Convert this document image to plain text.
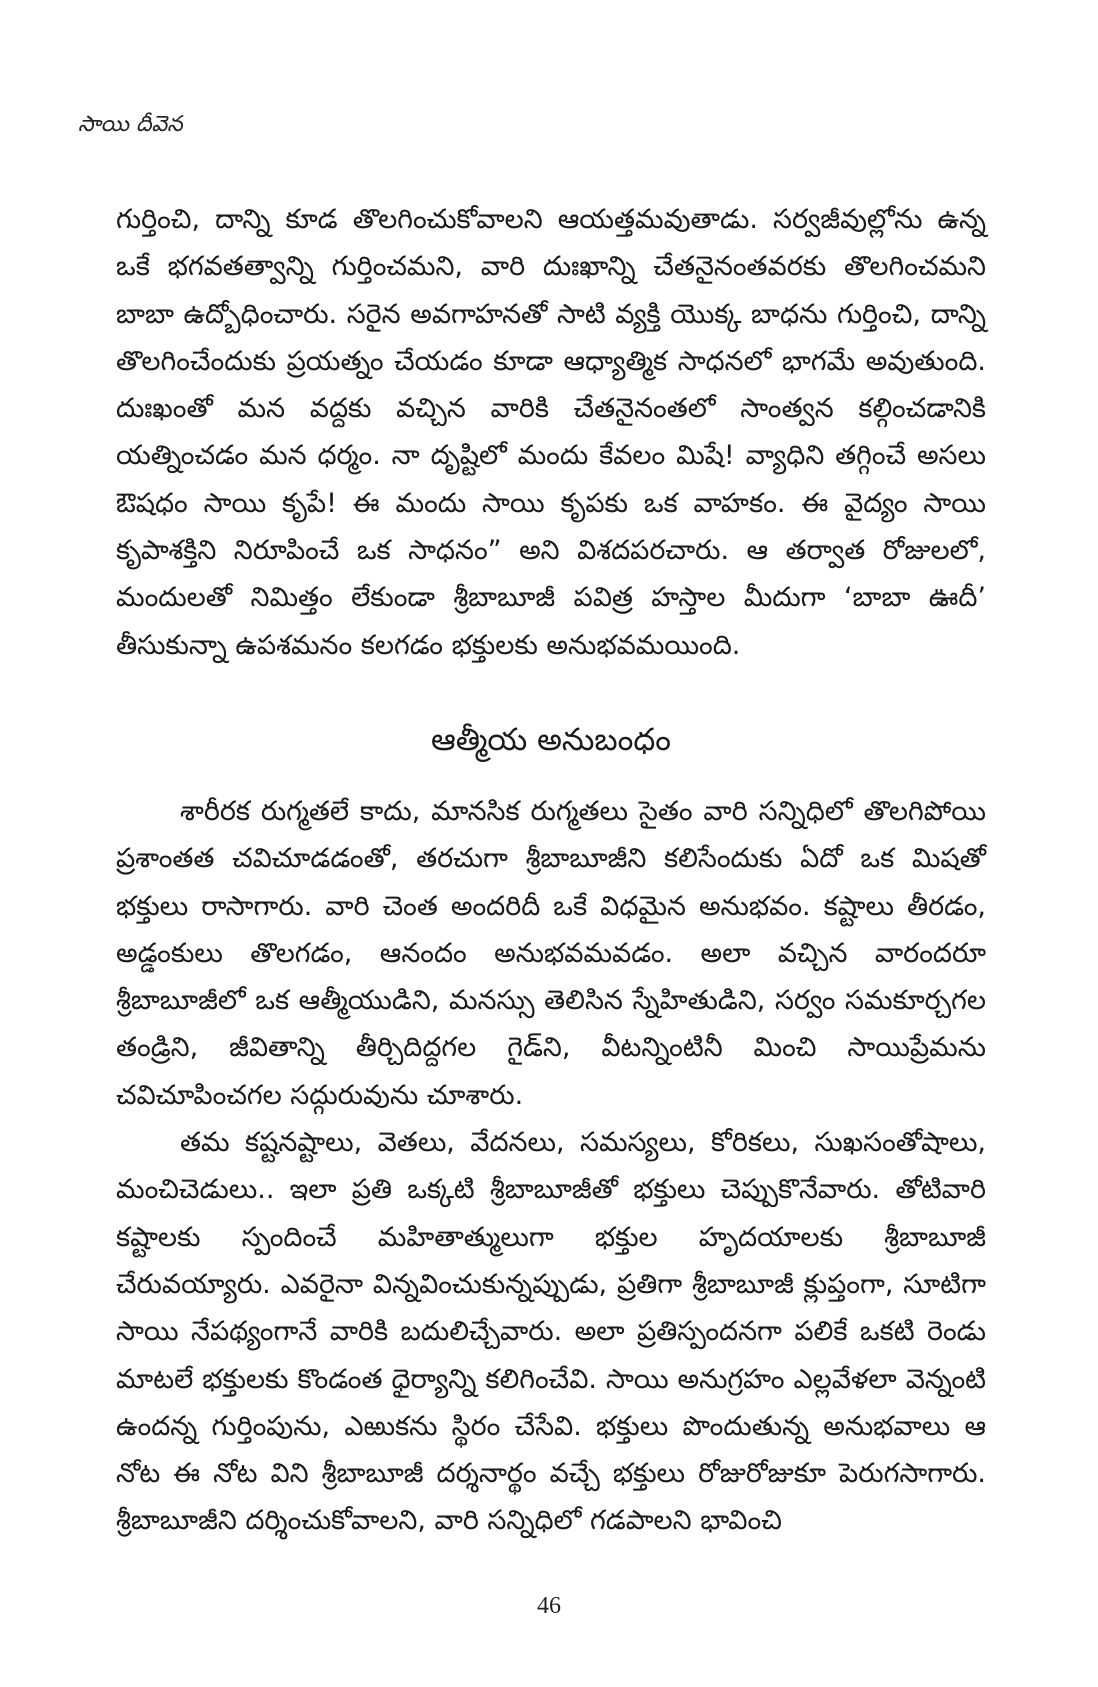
సాయి దీవెన

గుర్తించి, దాన్ని కూడ తొలగించుకోవాలని ఆయత్తమవుతాడు. సర్వజీవుల్లోను ఉన్న ఒకే భగవతత్వాన్ని గుర్తించమని, వారి దుఃఖాన్ని చేతనైనంతవరకు తొలగించమని బాబా ఉద్బోధించారు. సరైన అవగాహనతో సాటి వ్యక్తి యొక్క బాధను గుర్తించి, దాన్ని తొలగించేందుకు ప్రయత్నం చేయడం కూడా ఆధ్యాత్మిక సాధనలో భాగమే అవుతుంది. దుఃఖంతో మన వద్దకు వచ్చిన వారికి చేతనైనంతలో సాంత్వన కల్గించడానికి యత్నించడం మన ధర్మం. నా దృష్టిలో మందు కేవలం మిషే! వ్యాధిని తగ్గించే అసలు ఔషధం సాయి కృపే! ఈ మందు సాయి కృపకు ఒక వాహకం. ఈ వైద్యం సాయి కృపాశక్తిని నిరూపించే ఒక సాధనం” అని విశదపరచారు. ఆ తర్వాత రోజులలో, మందులతో నిమిత్తం లేకుండా శ్రీబాబూజీ పవిత్ర హస్తాల మీదుగా ‘బాబా ఊదీ’ తీసుకున్నా ఉపశమనం కలగడం భక్తులకు అనుభవమయింది.

ఆత్మీయ అనుబంధం

శారీరక రుగ్మతలే కాదు, మానసిక రుగ్మతలు సైతం వారి సన్నిధిలో తొలగిపోయి ప్రశాంతత చవిచూడడంతో, తరచుగా శ్రీబాబూజీని కలిసేందుకు ఏదో ఒక మిషతో భక్తులు రాసాగారు. వారి చెంత అందరిదీ ఒకే విధమైన అనుభవం. కష్టాలు తీరడం, అడ్డంకులు తొలగడం, ఆనందం అనుభవమవడం. అలా వచ్చిన వారందరూ శ్రీబాబూజీలో ఒక ఆత్మీయుడిని, మనస్సు తెలిసిన స్నేహితుడిని, సర్వం సమకూర్చగల తండ్రిని, జీవితాన్ని తీర్చిదిద్దగల గైడ్‌ని, వీటన్నింటినీ మించి సాయిప్రేమను చవిచూపించగల సద్గురువును చూశారు.

తమ కష్టనష్టాలు, వెతలు, వేదనలు, సమస్యలు, కోరికలు, సుఖసంతోషాలు, మంచిచెడులు.. ఇలా ప్రతి ఒక్కటి శ్రీబాబూజీతో భక్తులు చెప్పుకొనేవారు. తోటివారి కష్టాలకు స్పందించే మహితాత్ములుగా భక్తుల హృదయాలకు శ్రీబాబూజీ చేరువయ్యారు. ఎవరైనా విన్నవించుకున్నప్పుడు, ప్రతిగా శ్రీబాబూజీ క్లుప్తంగా, సూటిగా సాయి నేపథ్యంగానే వారికి బదులిచ్చేవారు. అలా ప్రతిస్పందనగా పలికే ఒకటి రెండు మాటలే భక్తులకు కొండంత ధైర్యాన్ని కలిగించేవి. సాయి అనుగ్రహం ఎల్లవేళలా వెన్నంటి ఉందన్న గుర్తింపును, ఎఱుకను స్థిరం చేసేవి. భక్తులు పొందుతున్న అనుభవాలు ఆ నోట ఈ నోట విని శ్రీబాబూజీ దర్శనార్థం వచ్చే భక్తులు రోజురోజుకూ పెరుగసాగారు. శ్రీబాబూజీని దర్శించుకోవాలని, వారి సన్నిధిలో గడపాలని భావించి

46
